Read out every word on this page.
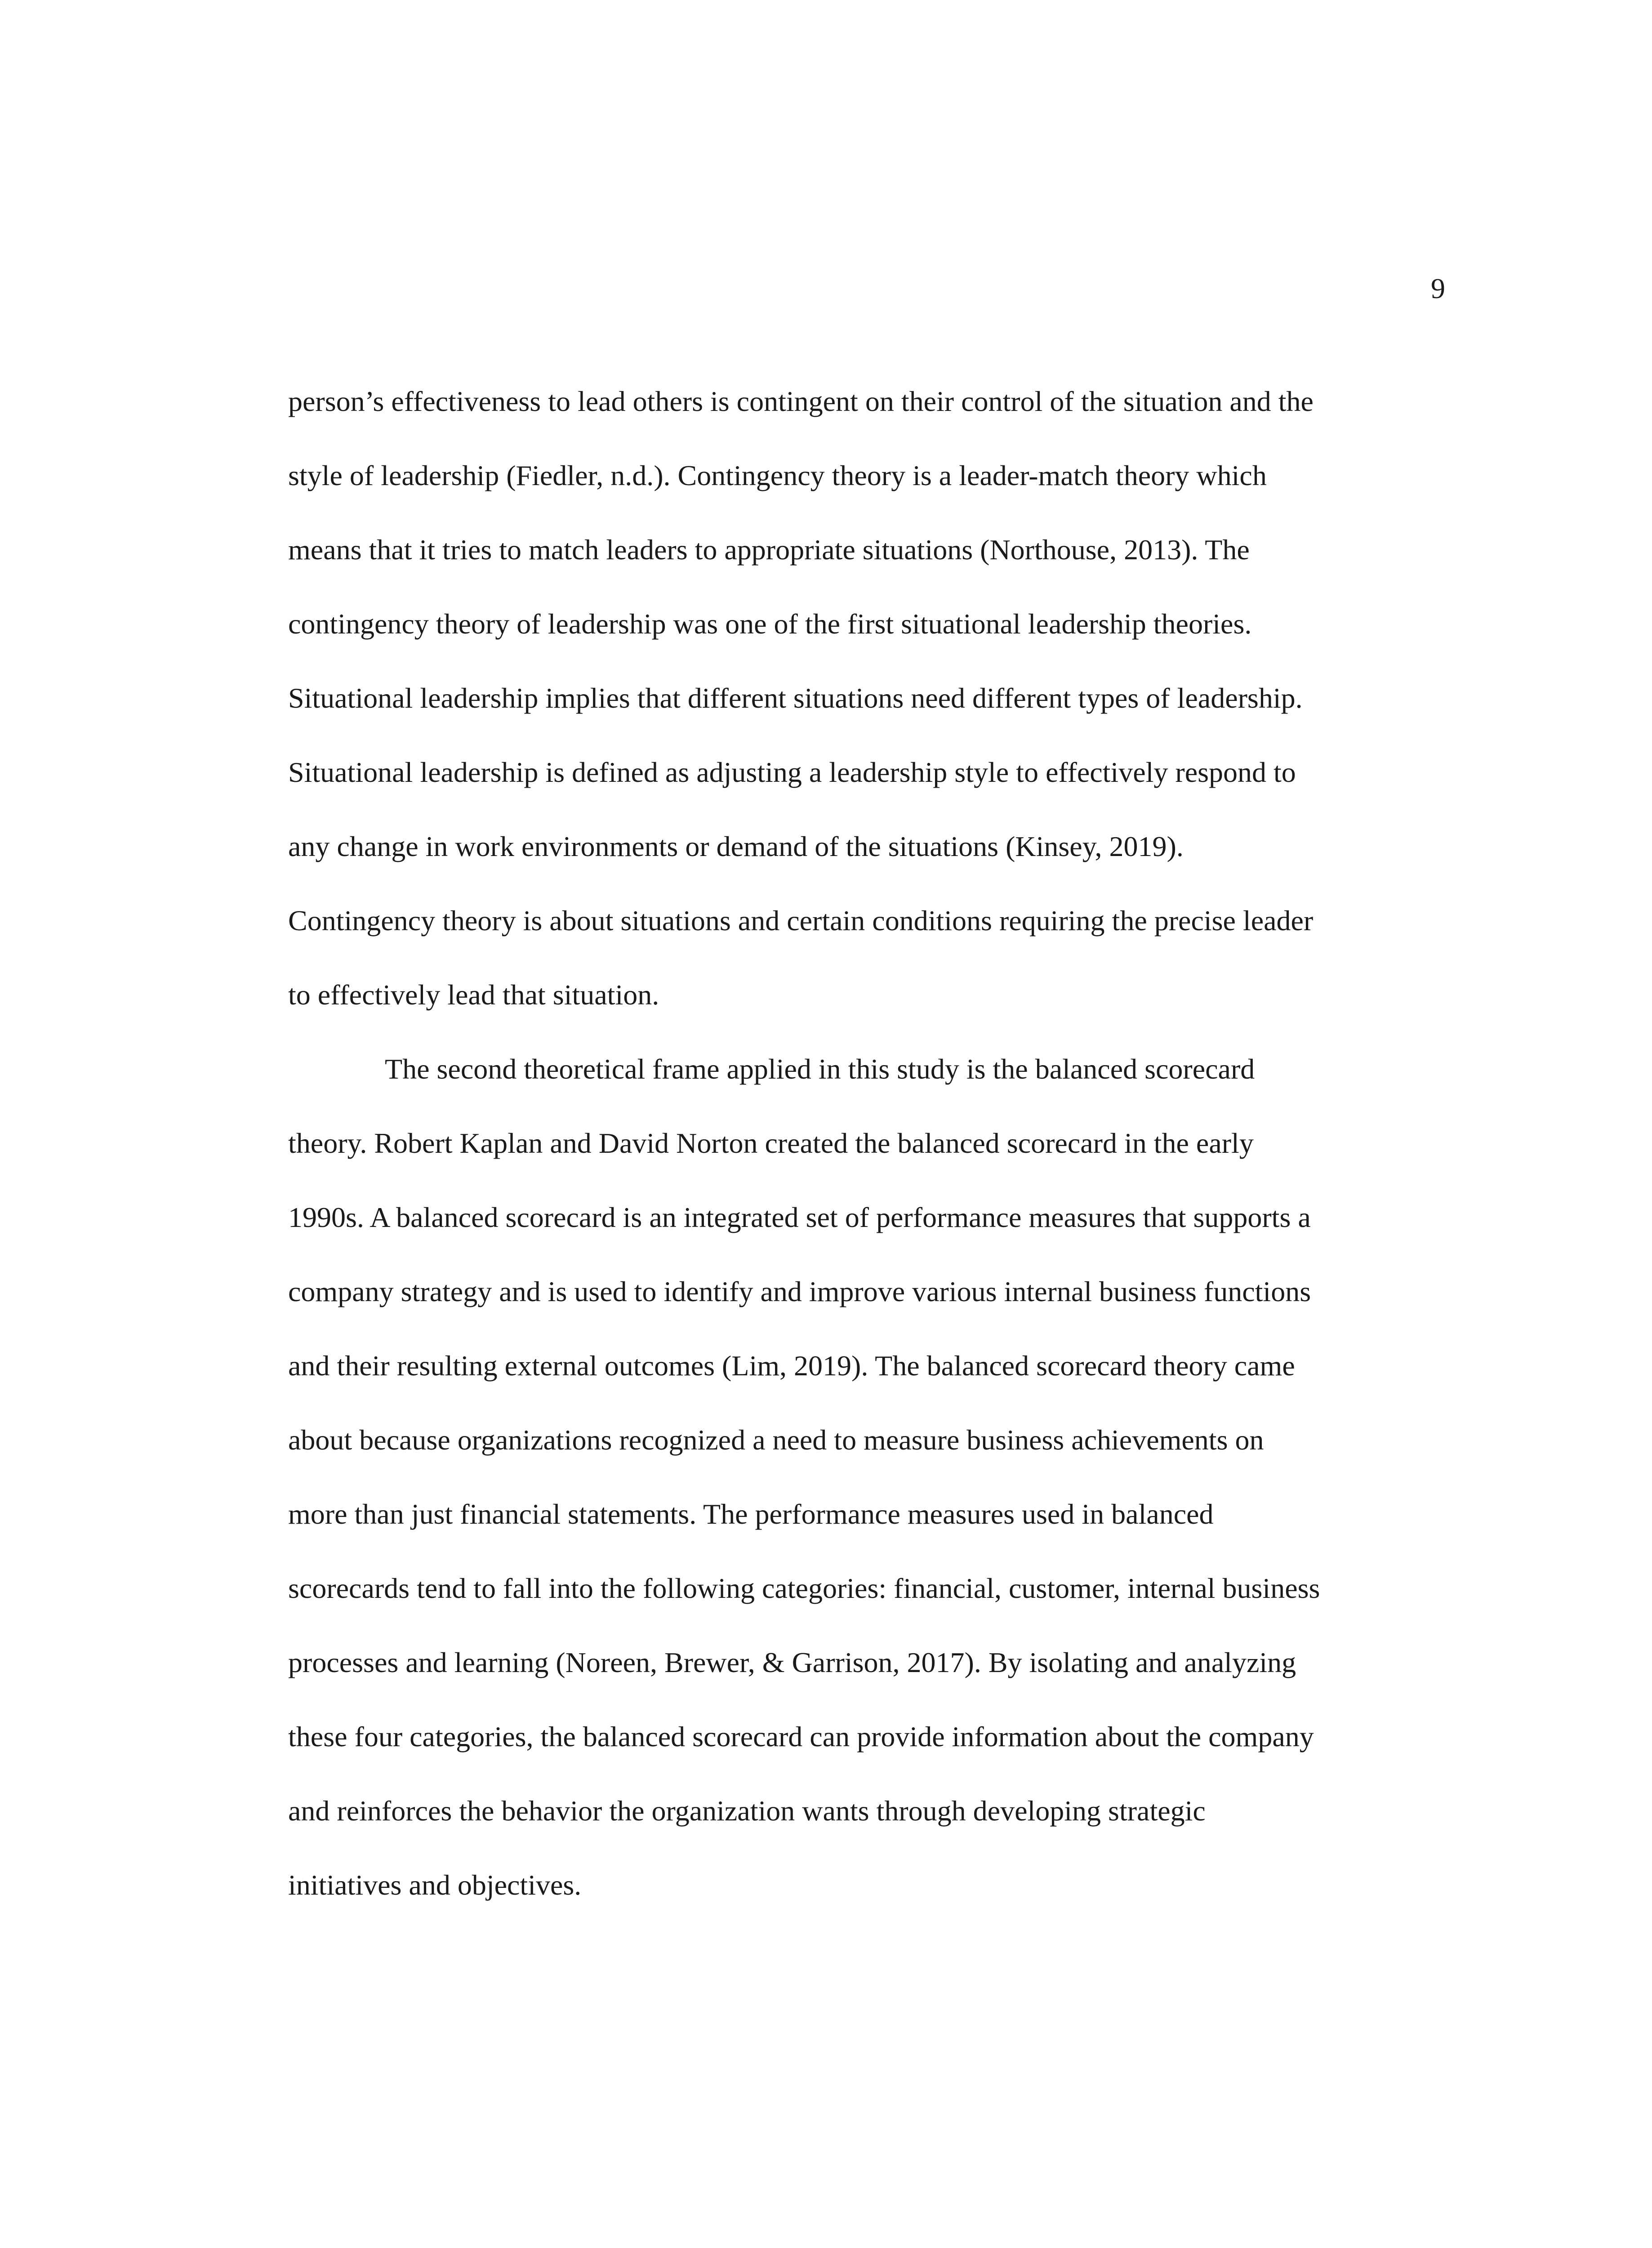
9
person’s effectiveness to lead others is contingent on their control of the situation and the
style of leadership (Fiedler, n.d.). Contingency theory is a leader-match theory which
means that it tries to match leaders to appropriate situations (Northouse, 2013). The
contingency theory of leadership was one of the first situational leadership theories.
Situational leadership implies that different situations need different types of leadership.
Situational leadership is defined as adjusting a leadership style to effectively respond to
any change in work environments or demand of the situations (Kinsey, 2019).
Contingency theory is about situations and certain conditions requiring the precise leader
to effectively lead that situation.
The second theoretical frame applied in this study is the balanced scorecard
theory. Robert Kaplan and David Norton created the balanced scorecard in the early
1990s. A balanced scorecard is an integrated set of performance measures that supports a
company strategy and is used to identify and improve various internal business functions
and their resulting external outcomes (Lim, 2019). The balanced scorecard theory came
about because organizations recognized a need to measure business achievements on
more than just financial statements. The performance measures used in balanced
scorecards tend to fall into the following categories: financial, customer, internal business
processes and learning (Noreen, Brewer, & Garrison, 2017). By isolating and analyzing
these four categories, the balanced scorecard can provide information about the company
and reinforces the behavior the organization wants through developing strategic
initiatives and objectives.
